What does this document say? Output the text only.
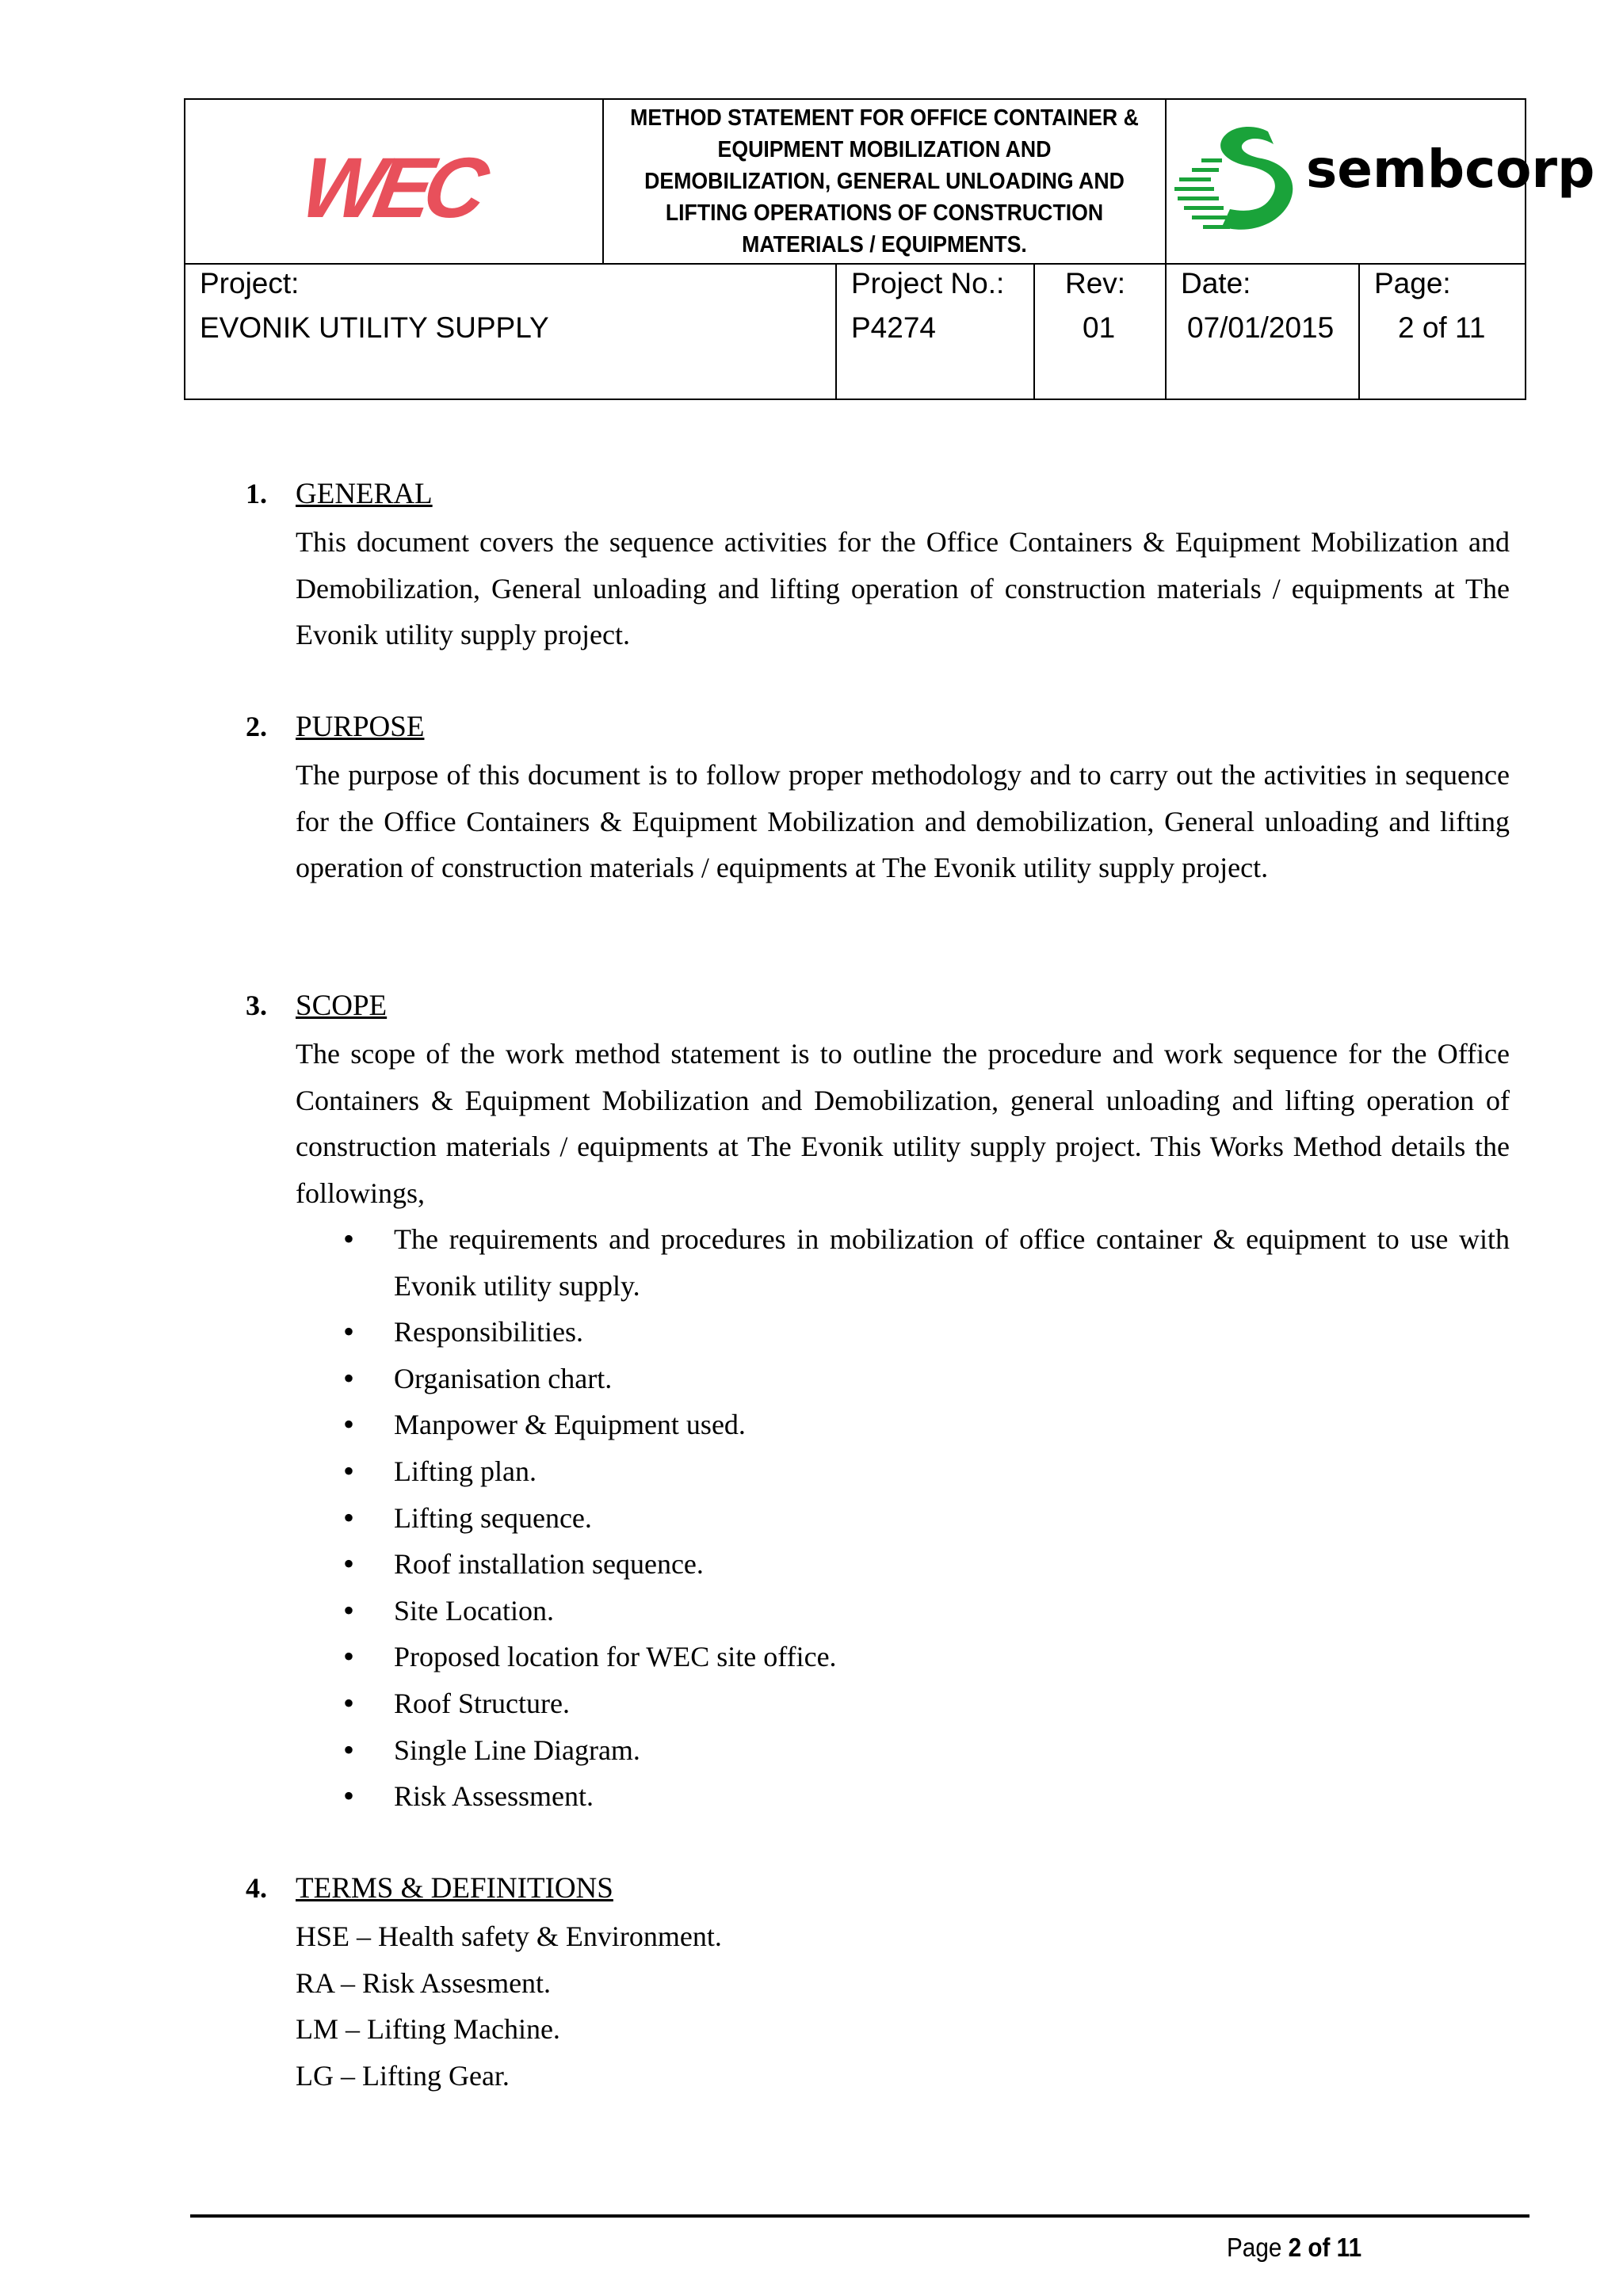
WEC
METHOD STATEMENT FOR OFFICE CONTAINER & EQUIPMENT MOBILIZATION AND DEMOBILIZATION, GENERAL UNLOADING AND LIFTING OPERATIONS OF CONSTRUCTION MATERIALS / EQUIPMENTS.
sembcorp
Project:
EVONIK UTILITY SUPPLY
Project No.:
P4274
Rev:
01
Date:
07/01/2015
Page:
2 of 11
1. GENERAL
This document covers the sequence activities for the Office Containers & Equipment Mobilization and Demobilization, General unloading and lifting operation of construction materials / equipments at The Evonik utility supply project.
2. PURPOSE
The purpose of this document is to follow proper methodology and to carry out the activities in sequence for the Office Containers & Equipment Mobilization and demobilization, General unloading and lifting operation of construction materials / equipments at The Evonik utility supply project.
3. SCOPE
The scope of the work method statement is to outline the procedure and work sequence for the Office Containers & Equipment Mobilization and Demobilization, general unloading and lifting operation of construction materials / equipments at The Evonik utility supply project. This Works Method details the followings,
• The requirements and procedures in mobilization of office container & equipment to use with Evonik utility supply.
• Responsibilities.
• Organisation chart.
• Manpower & Equipment used.
• Lifting plan.
• Lifting sequence.
• Roof installation sequence.
• Site Location.
• Proposed location for WEC site office.
• Roof Structure.
• Single Line Diagram.
• Risk Assessment.
4. TERMS & DEFINITIONS
HSE – Health safety & Environment.
RA – Risk Assesment.
LM – Lifting Machine.
LG – Lifting Gear.
Page 2 of 11
